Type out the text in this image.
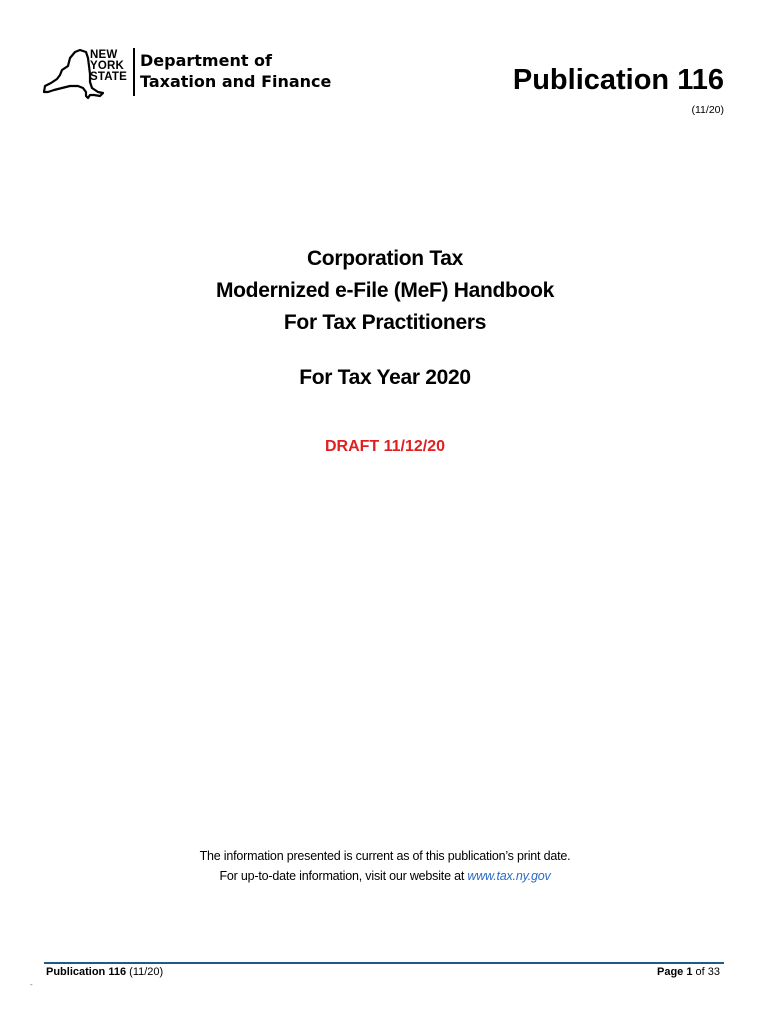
NEW
YORK
STATE
Department of
Taxation and Finance	Publication 116
(11/20)
Corporation Tax
Modernized e-File (MeF) Handbook
For Tax Practitioners
For Tax Year 2020
DRAFT 11/12/20
The information presented is current as of this publication’s print date.
For up-to-date information, visit our website at www.tax.ny.gov
Publication 116 (11/20)	Page 1 of 33
-
